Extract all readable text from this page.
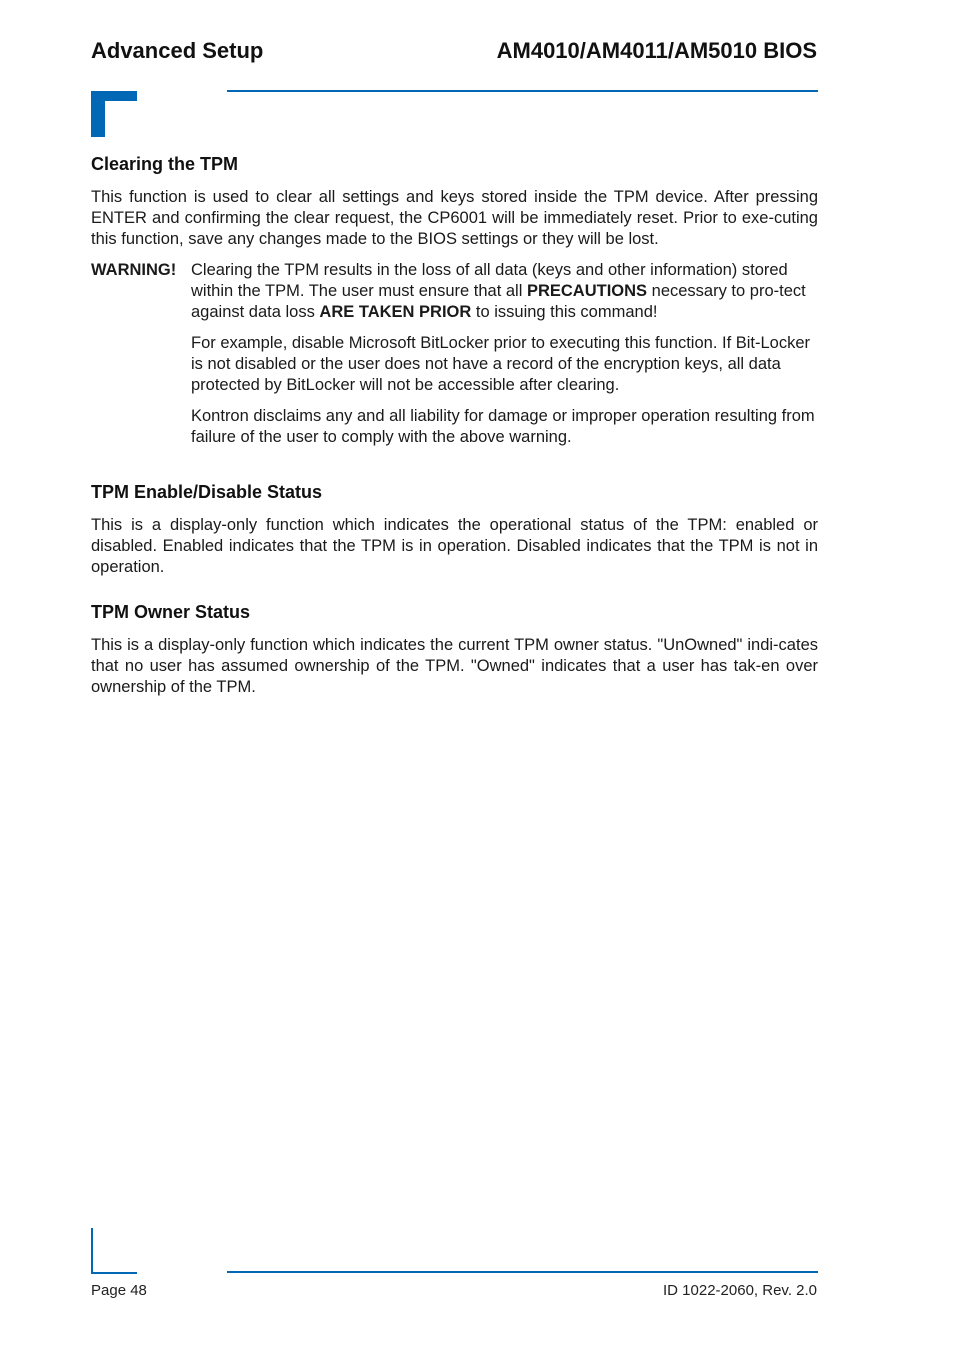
Advanced Setup	AM4010/AM4011/AM5010 BIOS
Clearing the TPM

This function is used to clear all settings and keys stored inside the TPM device. After pressing ENTER and confirming the clear request, the CP6001 will be immediately reset. Prior to exe-cuting this function, save any changes made to the BIOS settings or they will be lost.

WARNING! Clearing the TPM results in the loss of all data (keys and other information) stored within the TPM. The user must ensure that all PRECAUTIONS necessary to pro-tect against data loss ARE TAKEN PRIOR to issuing this command!

For example, disable Microsoft BitLocker prior to executing this function. If Bit-Locker is not disabled or the user does not have a record of the encryption keys, all data protected by BitLocker will not be accessible after clearing.

Kontron disclaims any and all liability for damage or improper operation resulting from failure of the user to comply with the above warning.

TPM Enable/Disable Status

This is a display-only function which indicates the operational status of the TPM: enabled or disabled. Enabled indicates that the TPM is in operation. Disabled indicates that the TPM is not in operation.

TPM Owner Status

This is a display-only function which indicates the current TPM owner status. "UnOwned" indi-cates that no user has assumed ownership of the TPM. "Owned" indicates that a user has tak-en over ownership of the TPM.

Page 48	ID 1022-2060, Rev. 2.0
